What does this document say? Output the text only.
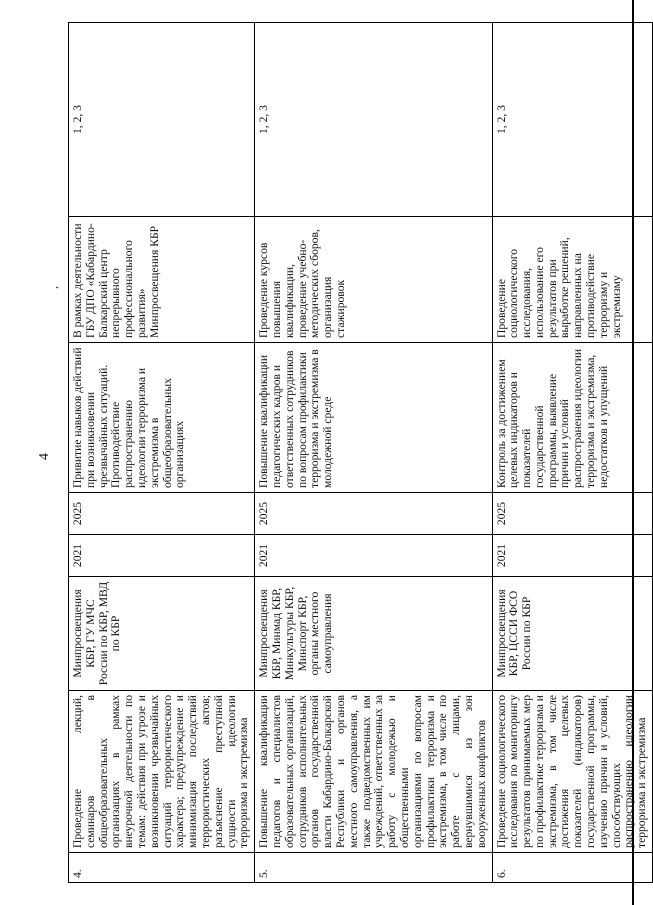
4
,
4.	Проведение лекций, семинаров в общеобразовательных организациях в рамках внеурочной деятельности по темам: действия при угрозе и возникновении чрезвычайных ситуаций террористического характера; предупреждение и минимизация последствий террористических актов; разъяснение преступной сущности идеологии терроризма и экстремизма	Минпросвещения КБР, ГУ МЧС России по КБР, МВД по КБР	2021	2025	Привитие навыков действий при возникновении чрезвычайных ситуаций. Противодействие распространению идеологии терроризма и экстремизма в общеобразовательных организациях	В рамках деятельности ГБУ ДПО «Кабардино-Балкарский центр непрерывного профессионального развития» Минпросвещения КБР	1, 2, 3
5.	Повышение квалификации педагогов и специалистов образовательных организаций, сотрудников исполнительных органов государственной власти Кабардино-Балкарской Республики и органов местного самоуправления, а также подведомственных им учреждений, ответственных за работу с молодежью и общественными организациями по вопросам профилактики терроризма и экстремизма, в том числе по работе с лицами, вернувшимися из зон вооруженных конфликтов	Минпросвещения КБР, Минмад КБР, Минкультуры КБР, Минспорт КБР, органы местного самоуправления	2021	2025	Повышение квалификации педагогических кадров и ответственных сотрудников по вопросам профилактики терроризма и экстремизма в молодежной среде	Проведение курсов повышения квалификации, проведение учебно-методических сборов, организация стажировок	1, 2, 3
6.	Проведение социологического исследования по мониторингу результатов принимаемых мер по профилактике терроризма и экстремизма, в том числе достижения целевых показателей (индикаторов) государственной программы, изучению причин и условий, способствующих распространению идеологии терроризма и экстремизма	Минпросвещения КБР, ЦССИ ФСО России по КБР	2021	2025	Контроль за достижением целевых индикаторов и показателей государственной программы, выявление причин и условий распространения идеологии терроризма и экстремизма, недостатков и упущений	Проведение социологического исследования, использование его результатов при выработке решений, направленных на противодействие терроризму и экстремизму	1, 2, 3
